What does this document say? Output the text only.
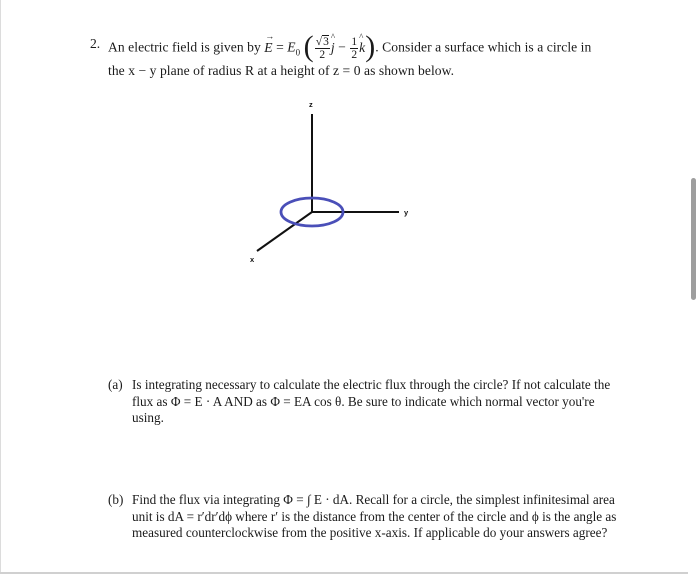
2. An electric field is given by → $E = E_0$ ( $\frac{√3}{2}$ ^ $j - \frac{1}{2}$ ^ k). Consider a surface which is a circle in
the x − y plane of radius R at a height of z = 0 as shown below.
z
y
x
(a) Is integrating necessary to calculate the electric flux through the circle? If not calculate the flux as Φ = E · A AND as Φ = EA cos θ. Be sure to indicate which normal vector you're using.
(b) Find the flux via integrating Φ = ∫ E · dA. Recall for a circle, the simplest infinitesimal area unit is dA = r′dr′dϕ where r′ is the distance from the center of the circle and ϕ is the angle as measured counterclockwise from the positive x-axis. If applicable do your answers agree?
